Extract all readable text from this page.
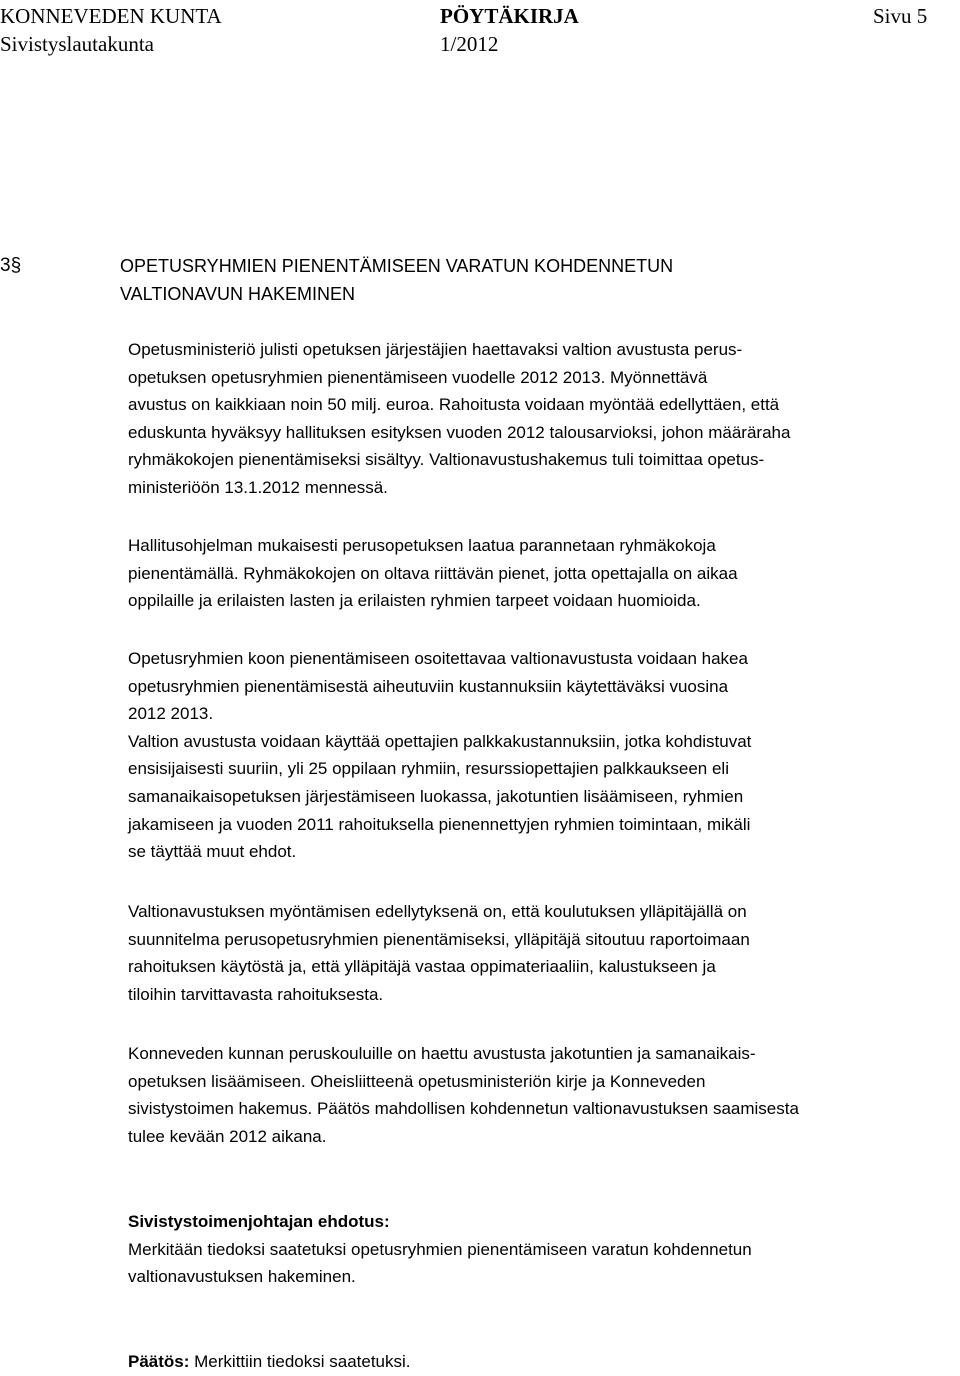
KONNEVEDEN KUNTA	PÖYTÄKIRJA	Sivu 5
Sivistyslautakunta	1/2012
3§	OPETUSRYHMIEN PIENENTÄMISEEN VARATUN KOHDENNETUN
VALTIONAVUN HAKEMINEN
Opetusministeriö julisti opetuksen järjestäjien haettavaksi valtion avustusta perus-
opetuksen opetusryhmien pienentämiseen vuodelle 2012 2013. Myönnettävä
avustus on kaikkiaan noin 50 milj. euroa. Rahoitusta voidaan myöntää edellyttäen, että
eduskunta hyväksyy hallituksen esityksen vuoden 2012 talousarvioksi, johon määräraha
ryhmäkokojen pienentämiseksi sisältyy. Valtionavustushakemus tuli toimittaa opetus-
ministeriöön 13.1.2012 mennessä.
Hallitusohjelman mukaisesti perusopetuksen laatua parannetaan ryhmäkokoja
pienentämällä. Ryhmäkokojen on oltava riittävän pienet, jotta opettajalla on aikaa
oppilaille ja erilaisten lasten ja erilaisten ryhmien tarpeet voidaan huomioida.
Opetusryhmien koon pienentämiseen osoitettavaa valtionavustusta voidaan hakea
opetusryhmien pienentämisestä aiheutuviin kustannuksiin käytettäväksi vuosina
2012 2013.
Valtion avustusta voidaan käyttää opettajien palkkakustannuksiin, jotka kohdistuvat
ensisijaisesti suuriin, yli 25 oppilaan ryhmiin, resurssiopettajien palkkaukseen eli
samanaikaisopetuksen järjestämiseen luokassa, jakotuntien lisäämiseen, ryhmien
jakamiseen ja vuoden 2011 rahoituksella pienennettyjen ryhmien toimintaan, mikäli
se täyttää muut ehdot.
Valtionavustuksen myöntämisen edellytyksenä on, että koulutuksen ylläpitäjällä on
suunnitelma perusopetusryhmien pienentämiseksi, ylläpitäjä sitoutuu raportoimaan
rahoituksen käytöstä ja, että ylläpitäjä vastaa oppimateriaaliin, kalustukseen ja
tiloihin tarvittavasta rahoituksesta.
Konneveden kunnan peruskouluille on haettu avustusta jakotuntien ja samanaikais-
opetuksen lisäämiseen. Oheisliitteenä opetusministeriön kirje ja Konneveden
sivistystoimen hakemus. Päätös mahdollisen kohdennetun valtionavustuksen saamisesta
tulee kevään 2012 aikana.
Sivistystoimenjohtajan ehdotus:
Merkitään tiedoksi saatetuksi opetusryhmien pienentämiseen varatun kohdennetun
valtionavustuksen hakeminen.
Päätös: Merkittiin tiedoksi saatetuksi.
